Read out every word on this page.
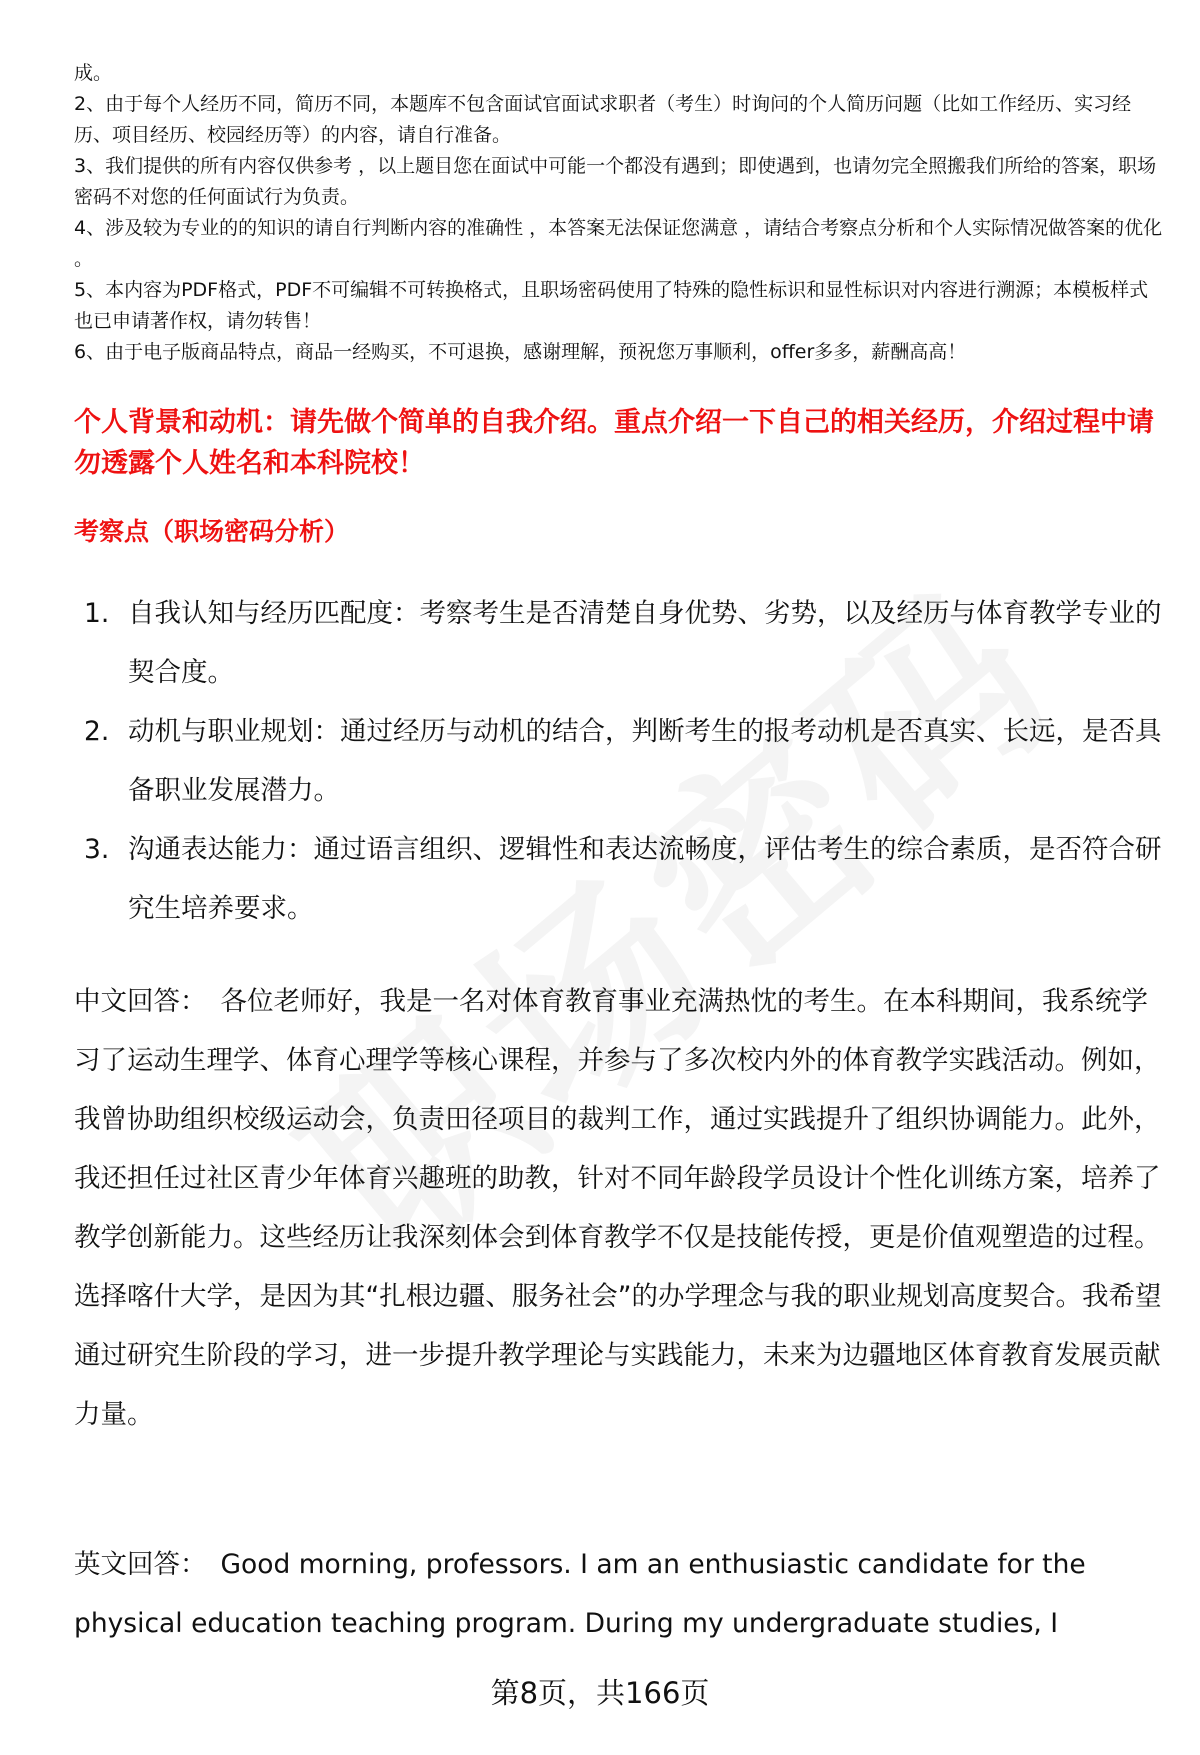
成。

2、由于每个人经历不同，简历不同，本题库不包含面试官面试求职者（考生）时询问的个人简历问题（比如工作经历、实习经历、项目经历、校园经历等）的内容，请自行准备。

3、我们提供的所有内容仅供参考 ，以上题目您在面试中可能一个都没有遇到；即使遇到，也请勿完全照搬我们所给的答案，职场密码不对您的任何面试行为负责。

4、涉及较为专业的的知识的请自行判断内容的准确性 ，本答案无法保证您满意 ，请结合考察点分析和个人实际情况做答案的优化 。

5、本内容为PDF格式，PDF不可编辑不可转换格式，且职场密码使用了特殊的隐性标识和显性标识对内容进行溯源；本模板样式也已申请著作权，请勿转售！

6、由于电子版商品特点，商品一经购买，不可退换，感谢理解，预祝您万事顺利，offer多多，薪酬高高！

个人背景和动机：请先做个简单的自我介绍。重点介绍一下自己的相关经历，介绍过程中请勿透露个人姓名和本科院校！

考察点（职场密码分析）

1. 自我认知与经历匹配度：考察考生是否清楚自身优势、劣势，以及经历与体育教学专业的契合度。
2. 动机与职业规划：通过经历与动机的结合，判断考生的报考动机是否真实、长远，是否具备职业发展潜力。
3. 沟通表达能力：通过语言组织、逻辑性和表达流畅度，评估考生的综合素质，是否符合研究生培养要求。

中文回答： 各位老师好，我是一名对体育教育事业充满热忱的考生。在本科期间，我系统学习了运动生理学、体育心理学等核心课程，并参与了多次校内外的体育教学实践活动。例如，我曾协助组织校级运动会，负责田径项目的裁判工作，通过实践提升了组织协调能力。此外，我还担任过社区青少年体育兴趣班的助教，针对不同年龄段学员设计个性化训练方案，培养了教学创新能力。这些经历让我深刻体会到体育教学不仅是技能传授，更是价值观塑造的过程。选择喀什大学，是因为其“扎根边疆、服务社会”的办学理念与我的职业规划高度契合。我希望通过研究生阶段的学习，进一步提升教学理论与实践能力，未来为边疆地区体育教育发展贡献力量。

英文回答： Good morning, professors. I am an enthusiastic candidate for the physical education teaching program. During my undergraduate studies, I

第8页，共166页
